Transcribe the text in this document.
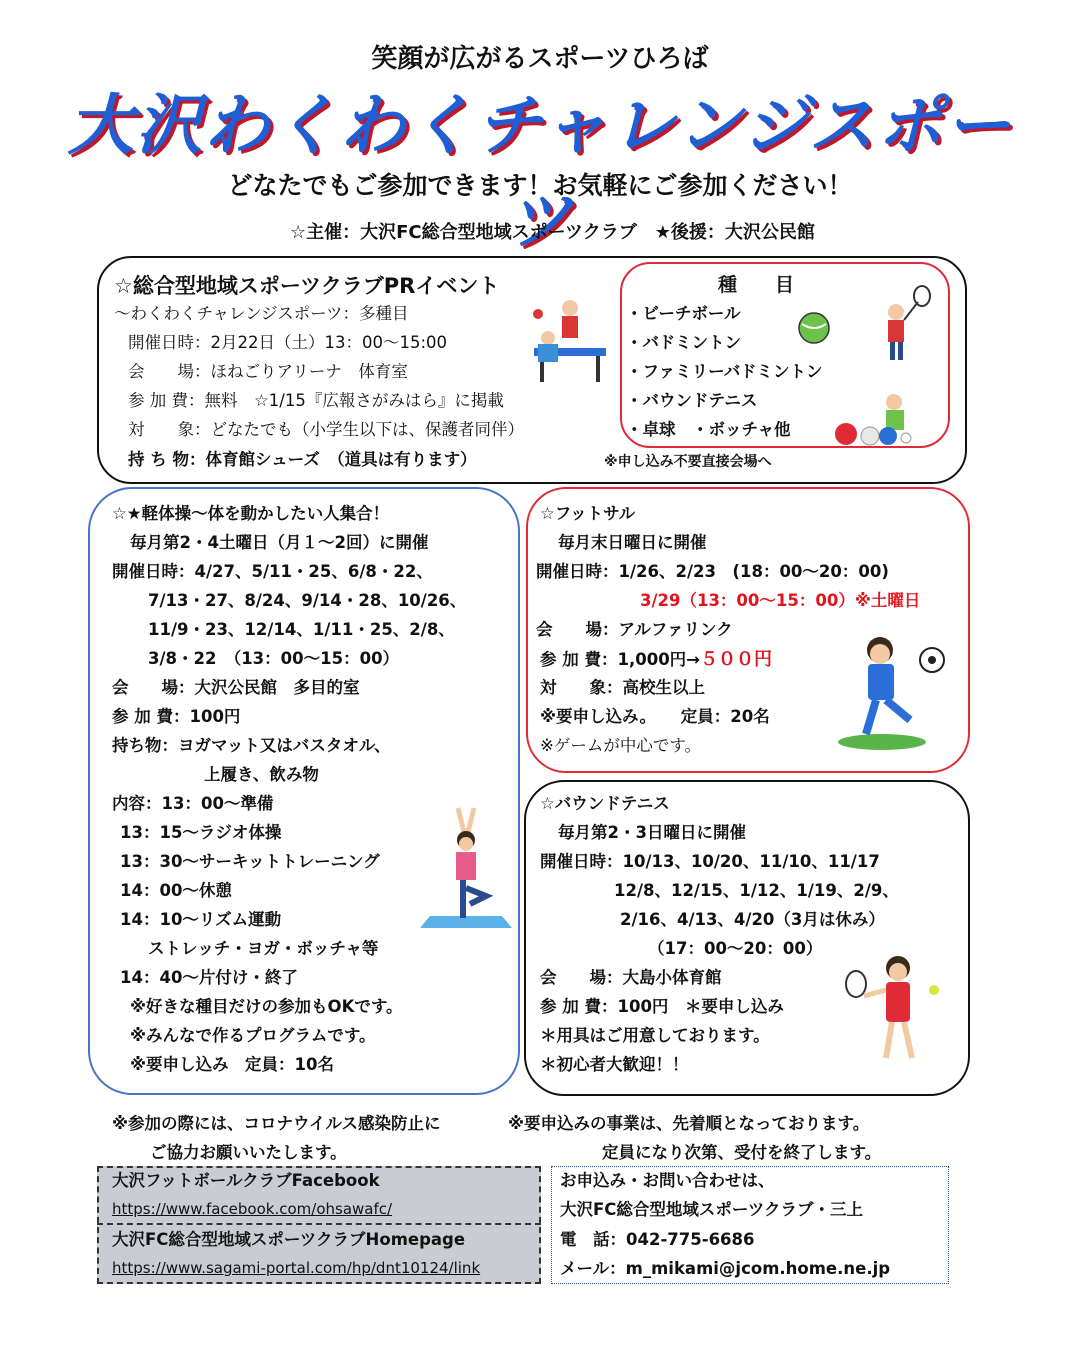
笑顔が広がるスポーツひろば
大沢わくわくチャレンジスポーツ
どなたでもご参加できます！お気軽にご参加ください！
☆主催：大沢FC総合型地域スポーツクラブ　★後援：大沢公民館
☆総合型地域スポーツクラブPRイベント
～わくわくチャレンジスポーツ：多種目
開催日時：2月22日（土）13：00～15:00
会　　場：ほねごりアリーナ　体育室
参 加 費：無料　☆1/15『広報さがみはら』に掲載
対　　象：どなたでも（小学生以下は、保護者同伴）
持 ち 物：体育館シューズ　（道具は有ります）
種　　目
・ビーチボール
・バドミントン
・ファミリーバドミントン
・バウンドテニス
・卓球　・ボッチャ他
※申し込み不要直接会場へ
☆★軽体操～体を動かしたい人集合！
毎月第2・4土曜日（月１～2回）に開催
開催日時：4/27、5/11・25、6/8・22、
7/13・27、8/24、9/14・28、10/26、
11/9・23、12/14、1/11・25、2/8、
3/8・22　（13：00～15：00）
会　　場：大沢公民館　多目的室
参 加 費：100円
持ち物：ヨガマット又はバスタオル、
上履き、飲み物
内容：13：00～準備
13：15～ラジオ体操
13：30～サーキットトレーニング
14：00～休憩
14：10～リズム運動
ストレッチ・ヨガ・ボッチャ等
14：40～片付け・終了
※好きな種目だけの参加もOKです。
※みんなで作るプログラムです。
※要申し込み　定員：10名
☆フットサル
毎月末日曜日に開催
開催日時：1/26、2/23　(18：00～20：00)
3/29（13：00～15：00）※土曜日
会　　場：アルファリンク
参 加 費：1,000円→５００円
対　　象：高校生以上
※要申し込み。　　定員：20名
※ゲームが中心です。
☆バウンドテニス
毎月第2・3日曜日に開催
開催日時：10/13、10/20、11/10、11/17
12/8、12/15、1/12、1/19、2/9、
2/16、4/13、4/20（3月は休み）
（17：00～20：00）
会　　場：大島小体育館
参 加 費：100円　＊要申し込み
＊用具はご用意しております。
＊初心者大歓迎！！
※参加の際には、コロナウイルス感染防止に
ご協力お願いいたします。
※要申込みの事業は、先着順となっております。
定員になり次第、受付を終了します。
大沢フットボールクラブFacebook
https://www.facebook.com/ohsawafc/
大沢FC総合型地域スポーツクラブHomepage
https://www.sagami-portal.com/hp/dnt10124/link
お申込み・お問い合わせは、
大沢FC総合型地域スポーツクラブ・三上
電　話：042-775-6686
メール：m_mikami@jcom.home.ne.jp
